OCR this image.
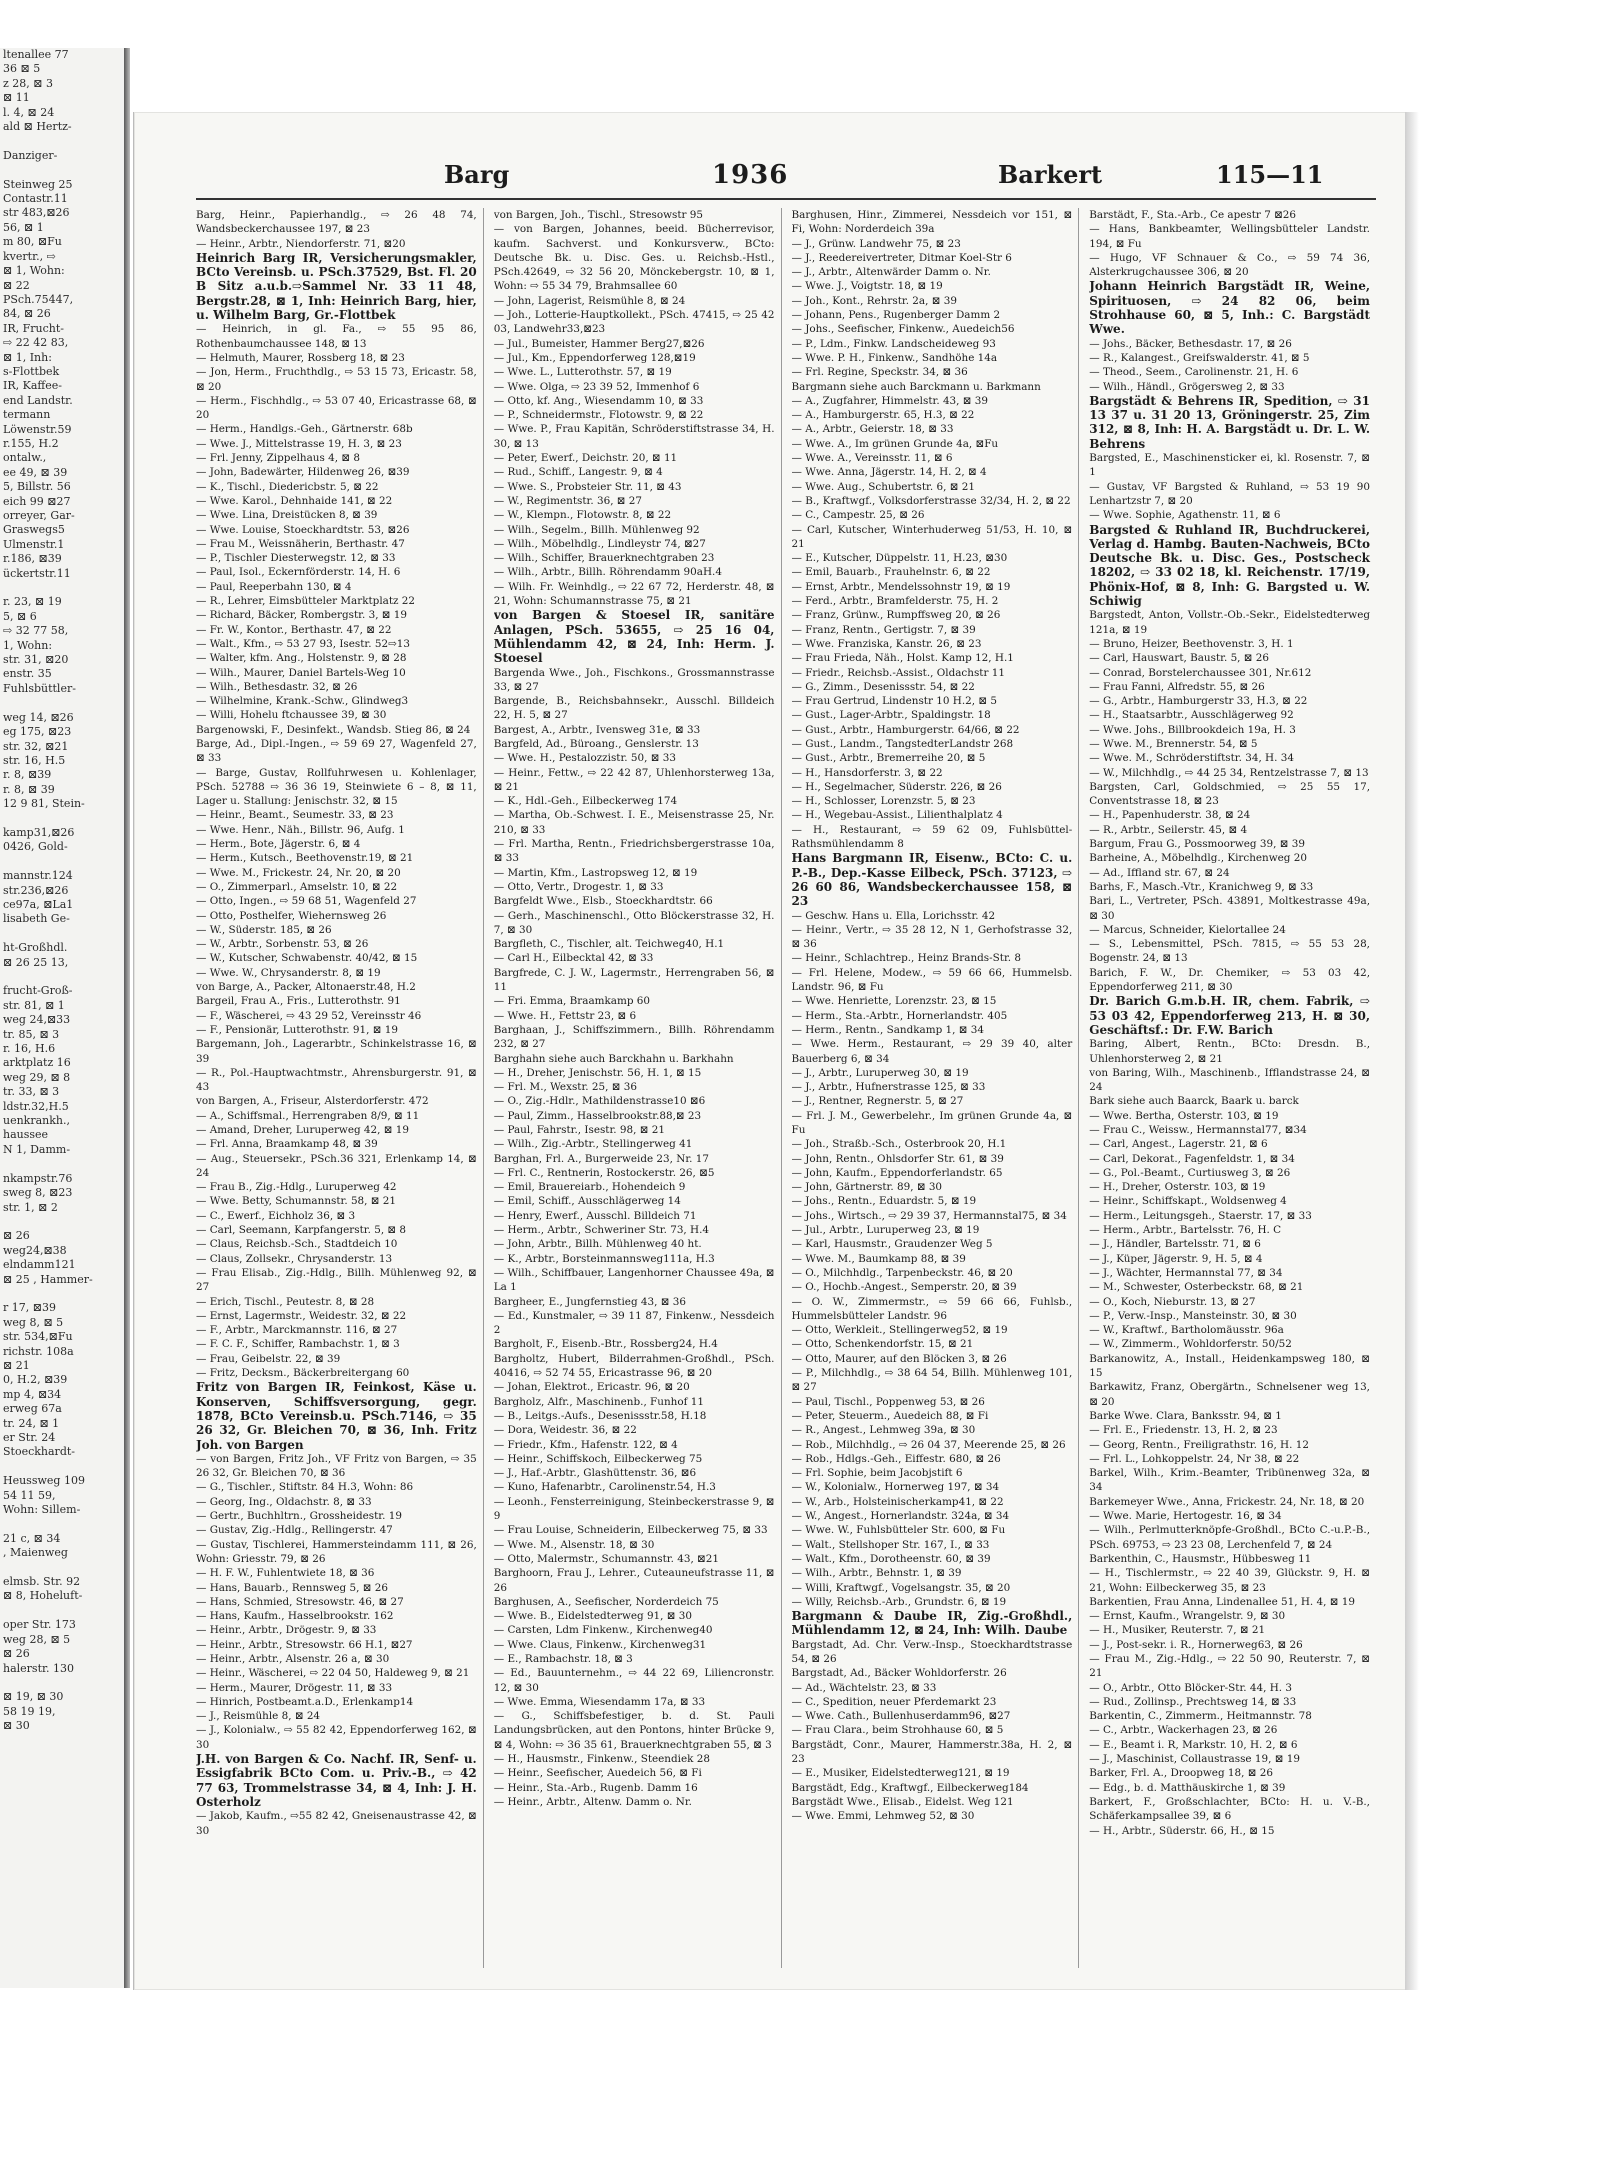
ltenallee 77
36 ⊠ 5
z 28, ⊠ 3
⊠ 11
l. 4, ⊠ 24
ald ⊠ Hertz-

Danziger-

Steinweg 25
Contastr.11
str 483,⊠26
56, ⊠ 1
m 80, ⊠Fu
kvertr., ⇨
⊠ 1, Wohn:
⊠ 22
PSch.75447,
84, ⊠ 26
IR, Frucht-
⇨ 22 42 83,
⊠ 1, Inh:
s-Flottbek
IR, Kaffee-
end Landstr.
termann
Löwenstr.59
r.155, H.2
ontalw.,
ee 49, ⊠ 39
5, Billstr. 56
eich 99 ⊠27
orreyer, Gar-
Graswegs5
Ulmenstr.1
r.186, ⊠39
ückertstr.11

r. 23, ⊠ 19
5, ⊠ 6
⇨ 32 77 58,
1, Wohn:
str. 31, ⊠20
enstr. 35
Fuhlsbüttler-

weg 14, ⊠26
eg 175, ⊠23
str. 32, ⊠21
str. 16, H.5
r. 8, ⊠39
r. 8, ⊠ 39
12 9 81, Stein-

kamp31,⊠26
0426, Gold-

mannstr.124
str.236,⊠26
ce97a, ⊠La1
lisabeth Ge-

ht-Großhdl.
⊠ 26 25 13,

frucht-Groß-
str. 81, ⊠ 1
weg 24,⊠33
tr. 85, ⊠ 3
r. 16, H.6
arktplatz 16
weg 29, ⊠ 8
tr. 33, ⊠ 3
ldstr.32,H.5
uenkrankh.,
haussee
N 1, Damm-

nkampstr.76
sweg 8, ⊠23
str. 1, ⊠ 2

⊠ 26
weg24,⊠38
elndamm121
⊠ 25 , Hammer-

r 17, ⊠39
weg 8, ⊠ 5
str. 534,⊠Fu
richstr. 108a
⊠ 21
0, H.2, ⊠39
mp 4, ⊠34
erweg 67a
tr. 24, ⊠ 1
er Str. 24
Stoeckhardt-

Heussweg 109
54 11 59,
Wohn: Sillem-

21 c, ⊠ 34
, Maienweg

elmsb. Str. 92
⊠ 8, Hoheluft-

oper Str. 173
weg 28, ⊠ 5
⊠ 26
halerstr. 130

⊠ 19, ⊠ 30
58 19 19,
⊠ 30
Barg	1936	Barkert	115—11

Barg, Heinr., Papierhandlg., ⇨ 26 48 74, Wandsbeckerchaussee 197, ⊠ 23

— Heinr., Arbtr., Niendorferstr. 71, ⊠20

Heinrich Barg IR, Versicherungsmakler, BCto Vereinsb. u. PSch.37529, Bst. Fl. 20 B Sitz a.u.b.⇨Sammel Nr. 33 11 48, Bergstr.28, ⊠ 1, Inh: Heinrich Barg, hier, u. Wilhelm Barg, Gr.-Flottbek

— Heinrich, in gl. Fa., ⇨ 55 95 86, Rothenbaumchaussee 148, ⊠ 13

— Helmuth, Maurer, Rossberg 18, ⊠ 23

— Jon, Herm., Fruchthdlg., ⇨ 53 15 73, Ericastr. 58, ⊠ 20

— Herm., Fischhdlg., ⇨ 53 07 40, Ericastrasse 68, ⊠ 20

— Herm., Handlgs.-Geh., Gärtnerstr. 68b

— Wwe. J., Mittelstrasse 19, H. 3, ⊠ 23

— Frl. Jenny, Zippelhaus 4, ⊠ 8

— John, Badewärter, Hildenweg 26, ⊠39

— K., Tischl., Diedericbstr. 5, ⊠ 22

— Wwe. Karol., Dehnhaide 141, ⊠ 22

— Wwe. Lina, Dreistücken 8, ⊠ 39

— Wwe. Louise, Stoeckhardtstr. 53, ⊠26

— Frau M., Weissnäherin, Berthastr. 47

— P., Tischler Diesterwegstr. 12, ⊠ 33

— Paul, Isol., Eckernförderstr. 14, H. 6

— Paul, Reeperbahn 130, ⊠ 4

— R., Lehrer, Eimsbütteler Marktplatz 22

— Richard, Bäcker, Rombergstr. 3, ⊠ 19

— Fr. W., Kontor., Berthastr. 47, ⊠ 22

— Walt., Kfm., ⇨ 53 27 93, Isestr. 52⇨13

— Walter, kfm. Ang., Holstenstr. 9, ⊠ 28

— Wilh., Maurer, Daniel Bartels-Weg 10

— Wilh., Bethesdastr. 32, ⊠ 26

— Wilhelmine, Krank.-Schw., Glindweg3

— Willi, Hohelu ftchaussee 39, ⊠ 30

Bargenowski, F., Desinfekt., Wandsb. Stieg 86, ⊠ 24

Barge, Ad., Dipl.-Ingen., ⇨ 59 69 27, Wagenfeld 27, ⊠ 33

— Barge, Gustav, Rollfuhrwesen u. Kohlenlager, PSch. 52788 ⇨ 36 36 19, Steinwiete 6 – 8, ⊠ 11, Lager u. Stallung: Jenischstr. 32, ⊠ 15

— Heinr., Beamt., Seumestr. 33, ⊠ 23

— Wwe. Henr., Näh., Billstr. 96, Aufg. 1

— Herm., Bote, Jägerstr. 6, ⊠ 4

— Herm., Kutsch., Beethovenstr.19, ⊠ 21

— Wwe. M., Frickestr. 24, Nr. 20, ⊠ 20

— O., Zimmerparl., Amselstr. 10, ⊠ 22

— Otto, Ingen., ⇨ 59 68 51, Wagenfeld 27

— Otto, Posthelfer, Wiehernsweg 26

— W., Süderstr. 185, ⊠ 26

— W., Arbtr., Sorbenstr. 53, ⊠ 26

— W., Kutscher, Schwabenstr. 40/42, ⊠ 15

— Wwe. W., Chrysanderstr. 8, ⊠ 19

von Barge, A., Packer, Altonaerstr.48, H.2

Bargeil, Frau A., Fris., Lutterothstr. 91

— F., Wäscherei, ⇨ 43 29 52, Vereinsstr 46

— F., Pensionär, Lutterothstr. 91, ⊠ 19

Bargemann, Joh., Lagerarbtr., Schinkelstrasse 16, ⊠ 39

— R., Pol.-Hauptwachtmstr., Ahrensburgerstr. 91, ⊠ 43

von Bargen, A., Friseur, Alsterdorferstr. 472

— A., Schiffsmal., Herrengraben 8/9, ⊠ 11

— Amand, Dreher, Luruperweg 42, ⊠ 19

— Frl. Anna, Braamkamp 48, ⊠ 39

— Aug., Steuersekr., PSch.36 321, Erlenkamp 14, ⊠ 24

— Frau B., Zig.-Hdlg., Luruperweg 42

— Wwe. Betty, Schumannstr. 58, ⊠ 21

— C., Ewerf., Eichholz 36, ⊠ 3

— Carl, Seemann, Karpfangerstr. 5, ⊠ 8

— Claus, Reichsb.-Sch., Stadtdeich 10

— Claus, Zollsekr., Chrysanderstr. 13

— Frau Elisab., Zig.-Hdlg., Billh. Mühlenweg 92, ⊠ 27

— Erich, Tischl., Peutestr. 8, ⊠ 28

— Ernst, Lagermstr., Weidestr. 32, ⊠ 22

— F., Arbtr., Marckmannstr. 116, ⊠ 27

— F. C. F., Schiffer, Rambachstr. 1, ⊠ 3

— Frau, Geibelstr. 22, ⊠ 39

— Fritz, Decksm., Bäckerbreitergang 60

Fritz von Bargen IR, Feinkost, Käse u. Konserven, Schiffsversorgung, gegr. 1878, BCto Vereinsb.u. PSch.7146, ⇨ 35 26 32, Gr. Bleichen 70, ⊠ 36, Inh. Fritz Joh. von Bargen

— von Bargen, Fritz Joh., VF Fritz von Bargen, ⇨ 35 26 32, Gr. Bleichen 70, ⊠ 36

— G., Tischler., Stiftstr. 84 H.3, Wohn: 86

— Georg, Ing., Oldachstr. 8, ⊠ 33

— Gertr., Buchhltrn., Grossheidestr. 19

— Gustav, Zig.-Hdlg., Rellingerstr. 47

— Gustav, Tischlerei, Hammersteindamm 111, ⊠ 26, Wohn: Griesstr. 79, ⊠ 26

— H. F. W., Fuhlentwiete 18, ⊠ 36

— Hans, Bauarb., Rennsweg 5, ⊠ 26

— Hans, Schmied, Stresowstr. 46, ⊠ 27

— Hans, Kaufm., Hasselbrookstr. 162

— Heinr., Arbtr., Drögestr. 9, ⊠ 33

— Heinr., Arbtr., Stresowstr. 66 H.1, ⊠27

— Heinr., Arbtr., Alsenstr. 26 a, ⊠ 30

— Heinr., Wäscherei, ⇨ 22 04 50, Haldeweg 9, ⊠ 21

— Herm., Maurer, Drögestr. 11, ⊠ 33

— Hinrich, Postbeamt.a.D., Erlenkamp14

— J., Reismühle 8, ⊠ 24

— J., Kolonialw., ⇨ 55 82 42, Eppendorferweg 162, ⊠ 30

J.H. von Bargen & Co. Nachf. IR, Senf- u. Essigfabrik BCto Com. u. Priv.-B., ⇨ 42 77 63, Trommelstrasse 34, ⊠ 4, Inh: J. H. Osterholz

— Jakob, Kaufm., ⇨55 82 42, Gneisenaustrasse 42, ⊠ 30

von Bargen, Joh., Tischl., Stresowstr 95

— von Bargen, Johannes, beeid. Bücherrevisor, kaufm. Sachverst. und Konkursverw., BCto: Deutsche Bk. u. Disc. Ges. u. Reichsb.-Hstl., PSch.42649, ⇨ 32 56 20, Mönckebergstr. 10, ⊠ 1, Wohn: ⇨ 55 34 79, Brahmsallee 60

— John, Lagerist, Reismühle 8, ⊠ 24

— Joh., Lotterie-Hauptkollekt., PSch. 47415, ⇨ 25 42 03, Landwehr33,⊠23

— Jul., Bumeister, Hammer Berg27,⊠26

— Jul., Km., Eppendorferweg 128,⊠19

— Wwe. L., Lutterothstr. 57, ⊠ 19

— Wwe. Olga, ⇨ 23 39 52, Immenhof 6

— Otto, kf. Ang., Wiesendamm 10, ⊠ 33

— P., Schneidermstr., Flotowstr. 9, ⊠ 22

— Wwe. P., Frau Kapitän, Schröderstiftstrasse 34, H. 30, ⊠ 13

— Peter, Ewerf., Deichstr. 20, ⊠ 11

— Rud., Schiff., Langestr. 9, ⊠ 4

— Wwe. S., Probsteier Str. 11, ⊠ 43

— W., Regimentstr. 36, ⊠ 27

— W., Klempn., Flotowstr. 8, ⊠ 22

— Wilh., Segelm., Billh. Mühlenweg 92

— Wilh., Möbelhdlg., Lindleystr 74, ⊠27

— Wilh., Schiffer, Brauerknechtgraben 23

— Wilh., Arbtr., Billh. Röhrendamm 90aH.4

— Wilh. Fr. Weinhdlg., ⇨ 22 67 72, Herderstr. 48, ⊠ 21, Wohn: Schumannstrasse 75, ⊠ 21

von Bargen & Stoesel IR, sanitäre Anlagen, PSch. 53655, ⇨ 25 16 04, Mühlendamm 42, ⊠ 24, Inh: Herm. J. Stoesel

Bargenda Wwe., Joh., Fischkons., Grossmannstrasse 33, ⊠ 27

Bargende, B., Reichsbahnsekr., Ausschl. Billdeich 22, H. 5, ⊠ 27

Bargest, A., Arbtr., Ivensweg 31e, ⊠ 33

Bargfeld, Ad., Büroang., Genslerstr. 13

— Wwe. H., Pestalozzistr. 50, ⊠ 33

— Heinr., Fettw., ⇨ 22 42 87, Uhlenhorsterweg 13a, ⊠ 21

— K., Hdl.-Geh., Eilbeckerweg 174

— Martha, Ob.-Schwest. I. E., Meisenstrasse 25, Nr. 210, ⊠ 33

— Frl. Martha, Rentn., Friedrichsbergerstrasse 10a, ⊠ 33

— Martin, Kfm., Lastropsweg 12, ⊠ 19

— Otto, Vertr., Drogestr. 1, ⊠ 33

Bargfeldt Wwe., Elsb., Stoeckhardtstr. 66

— Gerh., Maschinenschl., Otto Blöckerstrasse 32, H. 7, ⊠ 30

Bargfleth, C., Tischler, alt. Teichweg40, H.1

— Carl H., Eilbecktal 42, ⊠ 33

Bargfrede, C. J. W., Lagermstr., Herrengraben 56, ⊠ 11

— Fri. Emma, Braamkamp 60

— Wwe. H., Fettstr 23, ⊠ 6

Barghaan, J., Schiffszimmern., Billh. Röhrendamm 232, ⊠ 27

Barghahn siehe auch Barckhahn u. Barkhahn

— H., Dreher, Jenischstr. 56, H. 1, ⊠ 15

— Frl. M., Wexstr. 25, ⊠ 36

— O., Zig.-Hdlr., Mathildenstrasse10 ⊠6

— Paul, Zimm., Hasselbrookstr.88,⊠ 23

— Paul, Fahrstr., Isestr. 98, ⊠ 21

— Wilh., Zig.-Arbtr., Stellingerweg 41

Barghan, Frl. A., Burgerweide 23, Nr. 17

— Frl. C., Rentnerin, Rostockerstr. 26, ⊠5

— Emil, Brauereiarb., Hohendeich 9

— Emil, Schiff., Ausschlägerweg 14

— Henry, Ewerf., Ausschl. Billdeich 71

— Herm., Arbtr., Schweriner Str. 73, H.4

— John, Arbtr., Billh. Mühlenweg 40 ht.

— K., Arbtr., Borsteinmannsweg111a, H.3

— Wilh., Schiffbauer, Langenhorner Chaussee 49a, ⊠ La 1

Bargheer, E., Jungfernstieg 43, ⊠ 36

— Ed., Kunstmaler, ⇨ 39 11 87, Finkenw., Nessdeich 2

Bargholt, F., Eisenb.-Btr., Rossberg24, H.4

Bargholtz, Hubert, Bilderrahmen-Großhdl., PSch. 40416, ⇨ 52 74 55, Ericastrasse 96, ⊠ 20

— Johan, Elektrot., Ericastr. 96, ⊠ 20

Bargholz, Alfr., Maschinenb., Funhof 11

— B., Leitgs.-Aufs., Desenissstr.58, H.18

— Dora, Weidestr. 36, ⊠ 22

— Friedr., Kfm., Hafenstr. 122, ⊠ 4

— Heinr., Schiffskoch, Eilbeckerweg 75

— J., Haf.-Arbtr., Glashüttenstr. 36, ⊠6

— Kuno, Hafenarbtr., Carolinenstr.54, H.3

— Leonh., Fensterreinigung, Steinbeckerstrasse 9, ⊠ 9

— Frau Louise, Schneiderin, Eilbeckerweg 75, ⊠ 33

— Wwe. M., Alsenstr. 18, ⊠ 30

— Otto, Malermstr., Schumannstr. 43, ⊠21

Barghoorn, Frau J., Lehrer., Cuteauneufstrasse 11, ⊠ 26

Barghusen, A., Seefischer, Norderdeich 75

— Wwe. B., Eidelstedterweg 91, ⊠ 30

— Carsten, Ldm Finkenw., Kirchenweg40

— Wwe. Claus, Finkenw., Kirchenweg31

— E., Rambachstr. 18, ⊠ 3

— Ed., Bauunternehm., ⇨ 44 22 69, Liliencronstr. 12, ⊠ 30

— Wwe. Emma, Wiesendamm 17a, ⊠ 33

— G., Schiffsbefestiger, b. d. St. Pauli Landungsbrücken, aut den Pontons, hinter Brücke 9, ⊠ 4, Wohn: ⇨ 36 35 61, Brauerknechtgraben 55, ⊠ 3

— H., Hausmstr., Finkenw., Steendiek 28

— Heinr., Seefischer, Auedeich 56, ⊠ Fi

— Heinr., Sta.-Arb., Rugenb. Damm 16

— Heinr., Arbtr., Altenw. Damm o. Nr.

Barghusen, Hinr., Zimmerei, Nessdeich vor 151, ⊠ Fi, Wohn: Norderdeich 39a

— J., Grünw. Landwehr 75, ⊠ 23

— J., Reedereivertreter, Ditmar Koel-Str 6

— J., Arbtr., Altenwärder Damm o. Nr.

— Wwe. J., Voigtstr. 18, ⊠ 19

— Joh., Kont., Rehrstr. 2a, ⊠ 39

— Johann, Pens., Rugenberger Damm 2

— Johs., Seefischer, Finkenw., Auedeich56

— P., Ldm., Finkw. Landscheideweg 93

— Wwe. P. H., Finkenw., Sandhöhe 14a

— Frl. Regine, Speckstr. 34, ⊠ 36

Bargmann siehe auch Barckmann u. Barkmann

— A., Zugfahrer, Himmelstr. 43, ⊠ 39

— A., Hamburgerstr. 65, H.3, ⊠ 22

— A., Arbtr., Geierstr. 18, ⊠ 33

— Wwe. A., Im grünen Grunde 4a, ⊠Fu

— Wwe. A., Vereinsstr. 11, ⊠ 6

— Wwe. Anna, Jägerstr. 14, H. 2, ⊠ 4

— Wwe. Aug., Schubertstr. 6, ⊠ 21

— B., Kraftwgf., Volksdorferstrasse 32/34, H. 2, ⊠ 22

— C., Campestr. 25, ⊠ 26

— Carl, Kutscher, Winterhuderweg 51/53, H. 10, ⊠ 21

— E., Kutscher, Düppelstr. 11, H.23, ⊠30

— Emil, Bauarb., Frauhelnstr. 6, ⊠ 22

— Ernst, Arbtr., Mendelssohnstr 19, ⊠ 19

— Ferd., Arbtr., Bramfelderstr. 75, H. 2

— Franz, Grünw., Rumpffsweg 20, ⊠ 26

— Franz, Rentn., Gertigstr. 7, ⊠ 39

— Wwe. Franziska, Kanstr. 26, ⊠ 23

— Frau Frieda, Näh., Holst. Kamp 12, H.1

— Friedr., Reichsb.-Assist., Oldachstr 11

— G., Zimm., Desenissstr. 54, ⊠ 22

— Frau Gertrud, Lindenstr 10 H.2, ⊠ 5

— Gust., Lager-Arbtr., Spaldingstr. 18

— Gust., Arbtr., Hamburgerstr. 64/66, ⊠ 22

— Gust., Landm., TangstedterLandstr 268

— Gust., Arbtr., Bremerreihe 20, ⊠ 5

— H., Hansdorferstr. 3, ⊠ 22

— H., Segelmacher, Süderstr. 226, ⊠ 26

— H., Schlosser, Lorenzstr. 5, ⊠ 23

— H., Wegebau-Assist., Lilienthalplatz 4

— H., Restaurant, ⇨ 59 62 09, Fuhlsbüttel-Rathsmühlendamm 8

Hans Bargmann IR, Eisenw., BCto: C. u. P.-B., Dep.-Kasse Eilbeck, PSch. 37123, ⇨ 26 60 86, Wandsbeckerchaussee 158, ⊠ 23

— Geschw. Hans u. Ella, Lorichsstr. 42

— Heinr., Vertr., ⇨ 35 28 12, N 1, Gerhofstrasse 32, ⊠ 36

— Heinr., Schlachtrep., Heinz Brands-Str. 8

— Frl. Helene, Modew., ⇨ 59 66 66, Hummelsb. Landstr. 96, ⊠ Fu

— Wwe. Henriette, Lorenzstr. 23, ⊠ 15

— Herm., Sta.-Arbtr., Hornerlandstr. 405

— Herm., Rentn., Sandkamp 1, ⊠ 34

— Wwe. Herm., Restaurant, ⇨ 29 39 40, alter Bauerberg 6, ⊠ 34

— J., Arbtr., Luruperweg 30, ⊠ 19

— J., Arbtr., Hufnerstrasse 125, ⊠ 33

— J., Rentner, Regnerstr. 5, ⊠ 27

— Frl. J. M., Gewerbelehr., Im grünen Grunde 4a, ⊠ Fu

— Joh., Straßb.-Sch., Osterbrook 20, H.1

— John, Rentn., Ohlsdorfer Str. 61, ⊠ 39

— John, Kaufm., Eppendorferlandstr. 65

— John, Gärtnerstr. 89, ⊠ 30

— Johs., Rentn., Eduardstr. 5, ⊠ 19

— Johs., Wirtsch., ⇨ 29 39 37, Hermannstal75, ⊠ 34

— Jul., Arbtr., Luruperweg 23, ⊠ 19

— Karl, Hausmstr., Graudenzer Weg 5

— Wwe. M., Baumkamp 88, ⊠ 39

— O., Milchhdlg., Tarpenbeckstr. 46, ⊠ 20

— O., Hochb.-Angest., Semperstr. 20, ⊠ 39

— O. W., Zimmermstr., ⇨ 59 66 66, Fuhlsb., Hummelsbütteler Landstr. 96

— Otto, Werkleit., Stellingerweg52, ⊠ 19

— Otto, Schenkendorfstr. 15, ⊠ 21

— Otto, Maurer, auf den Blöcken 3, ⊠ 26

— P., Milchhdlg., ⇨ 38 64 54, Billh. Mühlenweg 101, ⊠ 27

— Paul, Tischl., Poppenweg 53, ⊠ 26

— Peter, Steuerm., Auedeich 88, ⊠ Fi

— R., Angest., Lehmweg 39a, ⊠ 30

— Rob., Milchhdlg., ⇨ 26 04 37, Meerende 25, ⊠ 26

— Rob., Hdlgs.-Geh., Eiffestr. 680, ⊠ 26

— Frl. Sophie, beim Jacobjstift 6

— W., Kolonialw., Hornerweg 197, ⊠ 34

— W., Arb., Holsteinischerkamp41, ⊠ 22

— W., Angest., Hornerlandstr. 324a, ⊠ 34

— Wwe. W., Fuhlsbütteler Str. 600, ⊠ Fu

— Walt., Stellshoper Str. 167, I., ⊠ 33

— Walt., Kfm., Dorotheenstr. 60, ⊠ 39

— Wilh., Arbtr., Behnstr. 1, ⊠ 39

— Willi, Kraftwgf., Vogelsangstr. 35, ⊠ 20

— Willy, Reichsb.-Arb., Grundstr. 6, ⊠ 19

Bargmann & Daube IR, Zig.-Großhdl., Mühlendamm 12, ⊠ 24, Inh: Wilh. Daube

Bargstadt, Ad. Chr. Verw.-Insp., Stoeckhardtstrasse 54, ⊠ 26

Bargstadt, Ad., Bäcker Wohldorferstr. 26

— Ad., Wächtelstr. 23, ⊠ 33

— C., Spedition, neuer Pferdemarkt 23

— Wwe. Cath., Bullenhuserdamm96, ⊠27

— Frau Clara., beim Strohhause 60, ⊠ 5

Bargstädt, Conr., Maurer, Hammerstr.38a, H. 2, ⊠ 23

— E., Musiker, Eidelstedterweg121, ⊠ 19

Bargstädt, Edg., Kraftwgf., Eilbeckerweg184

Bargstädt Wwe., Elisab., Eidelst. Weg 121

— Wwe. Emmi, Lehmweg 52, ⊠ 30

Barstädt, F., Sta.-Arb., Ce apestr 7 ⊠26

— Hans, Bankbeamter, Wellingsbütteler Landstr. 194, ⊠ Fu

— Hugo, VF Schnauer & Co., ⇨ 59 74 36, Alsterkrugchaussee 306, ⊠ 20

Johann Heinrich Bargstädt IR, Weine, Spirituosen, ⇨ 24 82 06, beim Strohhause 60, ⊠ 5, Inh.: C. Bargstädt Wwe.

— Johs., Bäcker, Bethesdastr. 17, ⊠ 26

— R., Kalangest., Greifswalderstr. 41, ⊠ 5

— Theod., Seem., Carolinenstr. 21, H. 6

— Wilh., Händl., Grögersweg 2, ⊠ 33

Bargstädt & Behrens IR, Spedition, ⇨ 31 13 37 u. 31 20 13, Gröningerstr. 25, Zim 312, ⊠ 8, Inh: H. A. Bargstädt u. Dr. L. W. Behrens

Bargsted, E., Maschinensticker ei, kl. Rosenstr. 7, ⊠ 1

— Gustav, VF Bargsted & Ruhland, ⇨ 53 19 90 Lenhartzstr 7, ⊠ 20

— Wwe. Sophie, Agathenstr. 11, ⊠ 6

Bargsted & Ruhland IR, Buchdruckerei, Verlag d. Hambg. Bauten-Nachweis, BCto Deutsche Bk. u. Disc. Ges., Postscheck 18202, ⇨ 33 02 18, kl. Reichenstr. 17/19, Phönix-Hof, ⊠ 8, Inh: G. Bargsted u. W. Schiwig

Bargstedt, Anton, Vollstr.-Ob.-Sekr., Eidelstedterweg 121a, ⊠ 19

— Bruno, Heizer, Beethovenstr. 3, H. 1

— Carl, Hauswart, Baustr. 5, ⊠ 26

— Conrad, Borstelerchaussee 301, Nr.612

— Frau Fanni, Alfredstr. 55, ⊠ 26

— G., Arbtr., Hamburgerstr 33, H.3, ⊠ 22

— H., Staatsarbtr., Ausschlägerweg 92

— Wwe. Johs., Billbrookdeich 19a, H. 3

— Wwe. M., Brennerstr. 54, ⊠ 5

— Wwe. M., Schröderstiftstr. 34, H. 34

— W., Milchhdlg., ⇨ 44 25 34, Rentzelstrasse 7, ⊠ 13

Bargsten, Carl, Goldschmied, ⇨ 25 55 17, Conventstrasse 18, ⊠ 23

— H., Papenhuderstr. 38, ⊠ 24

— R., Arbtr., Seilerstr. 45, ⊠ 4

Bargum, Frau G., Possmoorweg 39, ⊠ 39

Barheine, A., Möbelhdlg., Kirchenweg 20

— Ad., Iffland str. 67, ⊠ 24

Barhs, F., Masch.-Vtr., Kranichweg 9, ⊠ 33

Bari, L., Vertreter, PSch. 43891, Moltkestrasse 49a, ⊠ 30

— Marcus, Schneider, Kielortallee 24

— S., Lebensmittel, PSch. 7815, ⇨ 55 53 28, Bogenstr. 24, ⊠ 13

Barich, F. W., Dr. Chemiker, ⇨ 53 03 42, Eppendorferweg 211, ⊠ 30

Dr. Barich G.m.b.H. IR, chem. Fabrik, ⇨ 53 03 42, Eppendorferweg 213, H. ⊠ 30, Geschäftsf.: Dr. F.W. Barich

Baring, Albert, Rentn., BCto: Dresdn. B., Uhlenhorsterweg 2, ⊠ 21

von Baring, Wilh., Maschinenb., Ifflandstrasse 24, ⊠ 24

Bark siehe auch Baarck, Baark u. barck

— Wwe. Bertha, Osterstr. 103, ⊠ 19

— Frau C., Weissw., Hermannstal77, ⊠34

— Carl, Angest., Lagerstr. 21, ⊠ 6

— Carl, Dekorat., Fagenfeldstr. 1, ⊠ 34

— G., Pol.-Beamt., Curtiusweg 3, ⊠ 26

— H., Dreher, Osterstr. 103, ⊠ 19

— Heinr., Schiffskapt., Woldsenweg 4

— Herm., Leitungsgeh., Staerstr. 17, ⊠ 33

— Herm., Arbtr., Bartelsstr. 76, H. C

— J., Händler, Bartelsstr. 71, ⊠ 6

— J., Küper, Jägerstr. 9, H. 5, ⊠ 4

— J., Wächter, Hermannstal 77, ⊠ 34

— M., Schwester, Osterbeckstr. 68, ⊠ 21

— O., Koch, Nieburstr. 13, ⊠ 27

— P., Verw.-Insp., Mansteinstr. 30, ⊠ 30

— W., Kraftwf., Bartholomäusstr. 96a

— W., Zimmerm., Wohldorferstr. 50/52

Barkanowitz, A., Install., Heidenkampsweg 180, ⊠ 15

Barkawitz, Franz, Obergärtn., Schnelsener weg 13, ⊠ 20

Barke Wwe. Clara, Banksstr. 94, ⊠ 1

— Frl. E., Friedenstr. 13, H. 2, ⊠ 23

— Georg, Rentn., Freiligrathstr. 16, H. 12

— Frl. L., Lohkoppelstr. 24, Nr 38, ⊠ 22

Barkel, Wilh., Krim.-Beamter, Tribünenweg 32a, ⊠ 34

Barkemeyer Wwe., Anna, Frickestr. 24, Nr. 18, ⊠ 20

— Wwe. Marie, Hertogestr. 16, ⊠ 34

— Wilh., Perlmutterknöpfe-Großhdl., BCto C.-u.P.-B., PSch. 69753, ⇨ 23 23 08, Lerchenfeld 7, ⊠ 24

Barkenthin, C., Hausmstr., Hübbesweg 11

— H., Tischlermstr., ⇨ 22 40 39, Glückstr. 9, H. ⊠ 21, Wohn: Eilbeckerweg 35, ⊠ 23

Barkentien, Frau Anna, Lindenallee 51, H. 4, ⊠ 19

— Ernst, Kaufm., Wrangelstr. 9, ⊠ 30

— H., Musiker, Reuterstr. 7, ⊠ 21

— J., Post-sekr. i. R., Hornerweg63, ⊠ 26

— Frau M., Zig.-Hdlg., ⇨ 22 50 90, Reuterstr. 7, ⊠ 21

— O., Arbtr., Otto Blöcker-Str. 44, H. 3

— Rud., Zollinsp., Prechtsweg 14, ⊠ 33

Barkentin, C., Zimmerm., Heitmannstr. 78

— C., Arbtr., Wackerhagen 23, ⊠ 26

— E., Beamt i. R, Markstr. 10, H. 2, ⊠ 6

— J., Maschinist, Collaustrasse 19, ⊠ 19

Barker, Frl. A., Droopweg 18, ⊠ 26

— Edg., b. d. Matthäuskirche 1, ⊠ 39

Barkert, F., Großschlachter, BCto: H. u. V.-B., Schäferkampsallee 39, ⊠ 6

— H., Arbtr., Süderstr. 66, H., ⊠ 15
